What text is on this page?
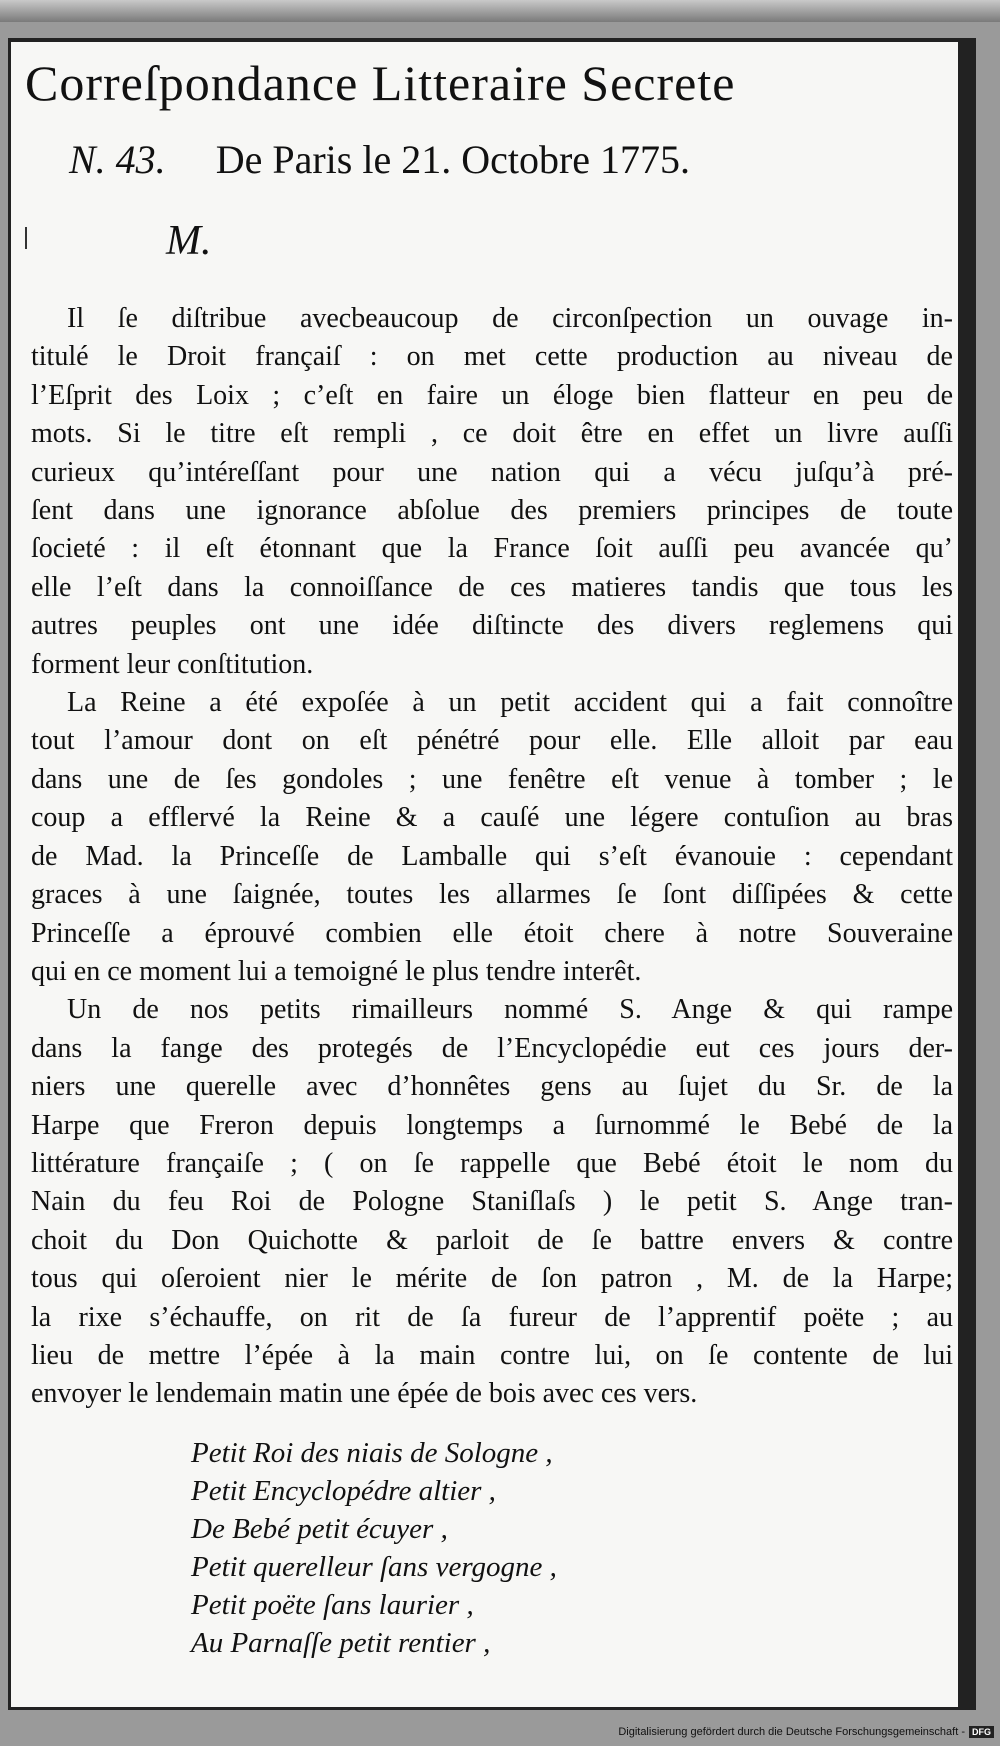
Correſpondance Litteraire Secrete
N. 43. De Paris le 21. Octobre 1775.
M.

Il ſe diſtribue avecbeaucoup de circonſpection un ouvage in-

titulé le Droit françaiſ : on met cette production au niveau de

l’Eſprit des Loix ; c’eſt en faire un éloge bien flatteur en peu de

mots. Si le titre eſt rempli , ce doit être en effet un livre auſſi

curieux qu’intéreſſant pour une nation qui a vécu juſqu’à pré-

ſent dans une ignorance abſolue des premiers principes de toute

ſocieté : il eſt étonnant que la France ſoit auſſi peu avancée qu’

elle l’eſt dans la connoiſſance de ces matieres tandis que tous les

autres peuples ont une idée diſtincte des divers reglemens qui

forment leur conſtitution.

La Reine a été expoſée à un petit accident qui a fait connoître

tout l’amour dont on eſt pénétré pour elle. Elle alloit par eau

dans une de ſes gondoles ; une fenêtre eſt venue à tomber ; le

coup a efflervé la Reine & a cauſé une légere contuſion au bras

de Mad. la Princeſſe de Lamballe qui s’eſt évanouie : cependant

graces à une ſaignée, toutes les allarmes ſe ſont diſſipées & cette

Princeſſe a éprouvé combien elle étoit chere à notre Souveraine

qui en ce moment lui a temoigné le plus tendre interêt.

Un de nos petits rimailleurs nommé S. Ange & qui rampe

dans la fange des protegés de l’Encyclopédie eut ces jours der-

niers une querelle avec d’honnêtes gens au ſujet du Sr. de la

Harpe que Freron depuis longtemps a ſurnommé le Bebé de la

littérature françaiſe ; ( on ſe rappelle que Bebé étoit le nom du

Nain du feu Roi de Pologne Staniſlaſs ) le petit S. Ange tran-

choit du Don Quichotte & parloit de ſe battre envers & contre

tous qui oſeroient nier le mérite de ſon patron , M. de la Harpe;

la rixe s’échauffe, on rit de ſa fureur de l’apprentif poëte ; au

lieu de mettre l’épée à la main contre lui, on ſe contente de lui

envoyer le lendemain matin une épée de bois avec ces vers.

Petit Roi des niais de Sologne ,
Petit Encyclopédre altier ,
De Bebé petit écuyer ,
Petit querelleur ſans vergogne ,
Petit poëte ſans laurier ,
Au Parnaſſe petit rentier ,
Digitalisierung gefördert durch die Deutsche Forschungsgemeinschaft - DFG
